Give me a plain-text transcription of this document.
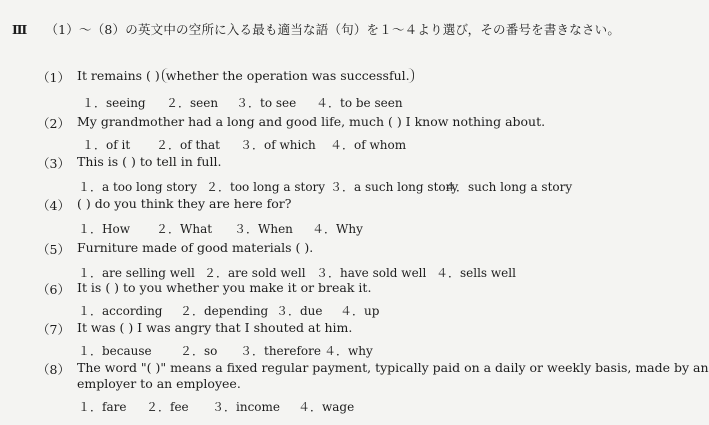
Ⅲ （1）～（8）の英文中の空所に入る最も適当な語（句）を１～４より選び，その番号を書きなさい。
（1） It remains ( ) whether the operation was successful.
１．seeing ２．seen ３．to see ４．to be seen
（2） My grandmother had a long and good life, much ( ) I know nothing about.
１．of it ２．of that ３．of which ４．of whom
（3） This is ( ) to tell in full.
１．a too long story ２．too long a story ３．a such long story
４．such long a story
（4） ( ) do you think they are here for?
１．How ２．What ３．When ４．Why
（5） Furniture made of good materials ( ).
１．are selling well ２．are sold well ３．have sold well ４．sells well
（6） It is ( ) to you whether you make it or break it.
１．according ２．depending ３．due ４．up
（7） It was ( ) I was angry that I shouted at him.
１．because ２．so ３．therefore ４．why
（8） The word "( )" means a fixed regular payment, typically paid on a daily or weekly basis, made by an
employer to an employee.
１．fare ２．fee ３．income ４．wage
